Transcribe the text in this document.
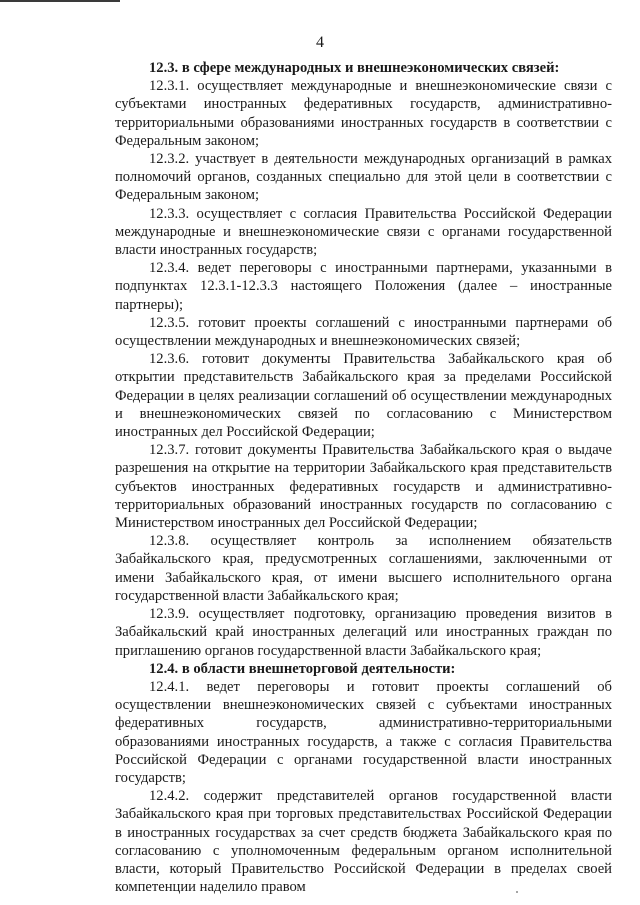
4

12.3. в сфере международных и внешнеэкономических связей:

12.3.1. осуществляет международные и внешнеэкономические связи с субъектами иностранных федеративных государств, административно-территориальными образованиями иностранных государств в соответствии с Федеральным законом;

12.3.2. участвует в деятельности международных организаций в рамках полномочий органов, созданных специально для этой цели в соответствии с Федеральным законом;

12.3.3. осуществляет с согласия Правительства Российской Федерации международные и внешнеэкономические связи с органами государственной власти иностранных государств;

12.3.4. ведет переговоры с иностранными партнерами, указанными в подпунктах 12.3.1-12.3.3 настоящего Положения (далее – иностранные партнеры);

12.3.5. готовит проекты соглашений с иностранными партнерами об осуществлении международных и внешнеэкономических связей;

12.3.6. готовит документы Правительства Забайкальского края об открытии представительств Забайкальского края за пределами Российской Федерации в целях реализации соглашений об осуществлении международных и внешнеэкономических связей по согласованию с Министерством иностранных дел Российской Федерации;

12.3.7. готовит документы Правительства Забайкальского края о выдаче разрешения на открытие на территории Забайкальского края представительств субъектов иностранных федеративных государств и административно-территориальных образований иностранных государств по согласованию с Министерством иностранных дел Российской Федерации;

12.3.8. осуществляет контроль за исполнением обязательств Забайкальского края, предусмотренных соглашениями, заключенными от имени Забайкальского края, от имени высшего исполнительного органа государственной власти Забайкальского края;

12.3.9. осуществляет подготовку, организацию проведения визитов в Забайкальский край иностранных делегаций или иностранных граждан по приглашению органов государственной власти Забайкальского края;

12.4. в области внешнеторговой деятельности:

12.4.1. ведет переговоры и готовит проекты соглашений об осуществлении внешнеэкономических связей с субъектами иностранных федеративных государств, административно-территориальными образованиями иностранных государств, а также с согласия Правительства Российской Федерации с органами государственной власти иностранных государств;

12.4.2. содержит представителей органов государственной власти Забайкальского края при торговых представительствах Российской Федерации в иностранных государствах за счет средств бюджета Забайкальского края по согласованию с уполномоченным федеральным органом исполнительной власти, который Правительство Российской Федерации в пределах своей компетенции наделило правом
